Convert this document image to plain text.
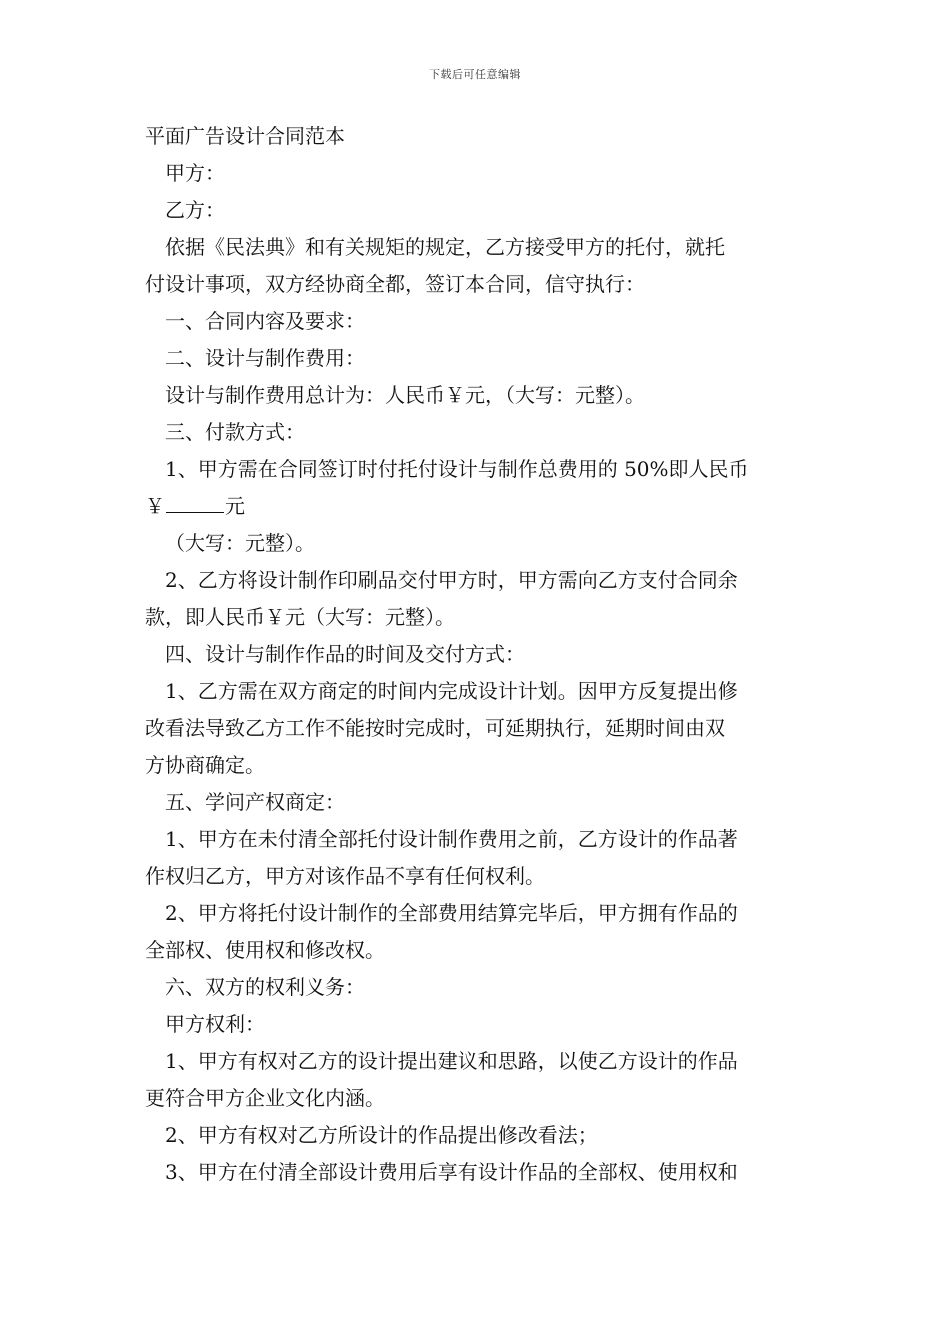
下载后可任意编辑
平面广告设计合同范本
甲方：
乙方：
依据《民法典》和有关规矩的规定，乙方接受甲方的托付，就托
付设计事项，双方经协商全都，签订本合同，信守执行：
一、合同内容及要求：
二、设计与制作费用：
设计与制作费用总计为：人民币￥元，（大写：元整）。
三、付款方式：
1、甲方需在合同签订时付托付设计与制作总费用的 50%即人民币
￥	元
（大写：元整）。
2、乙方将设计制作印刷品交付甲方时，甲方需向乙方支付合同余
款，即人民币￥元（大写：元整）。
四、设计与制作作品的时间及交付方式：
1、乙方需在双方商定的时间内完成设计计划。因甲方反复提出修
改看法导致乙方工作不能按时完成时，可延期执行，延期时间由双
方协商确定。
五、学问产权商定：
1、甲方在未付清全部托付设计制作费用之前，乙方设计的作品著
作权归乙方，甲方对该作品不享有任何权利。
2、甲方将托付设计制作的全部费用结算完毕后，甲方拥有作品的
全部权、使用权和修改权。
六、双方的权利义务：
甲方权利：
1、甲方有权对乙方的设计提出建议和思路，以使乙方设计的作品
更符合甲方企业文化内涵。
2、甲方有权对乙方所设计的作品提出修改看法；
3、甲方在付清全部设计费用后享有设计作品的全部权、使用权和
